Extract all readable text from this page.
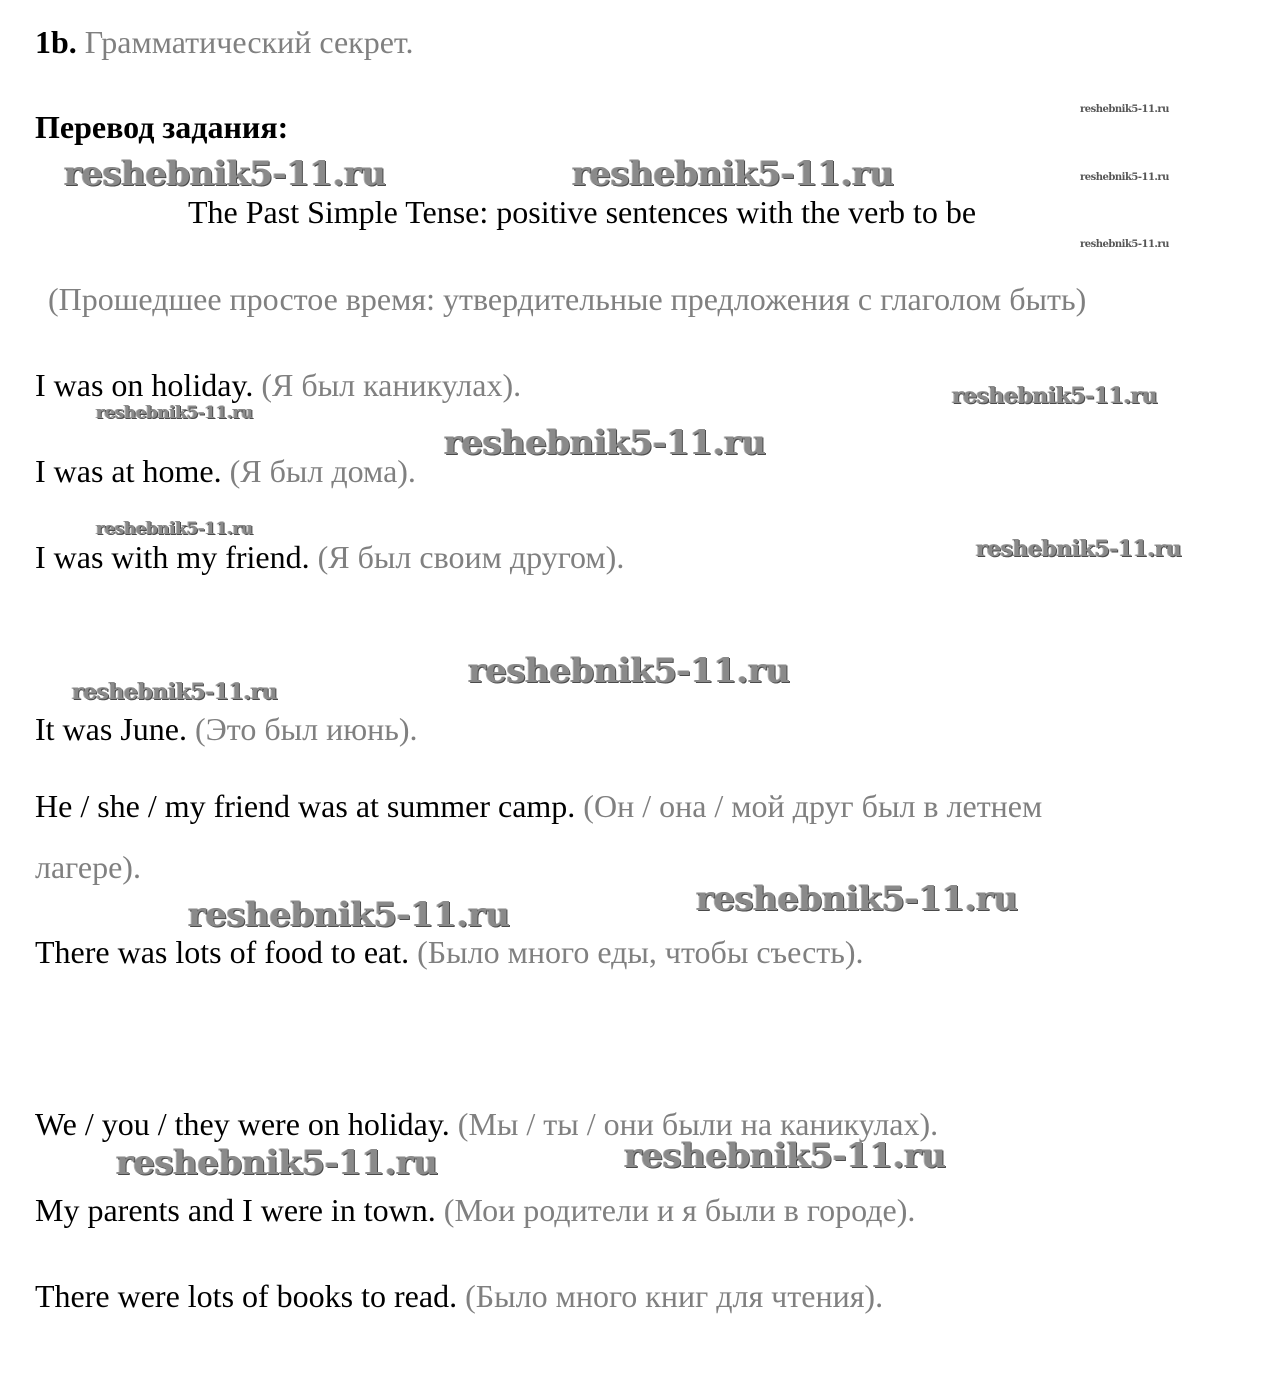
1b. Грамматический секрет.
Перевод задания:
The Past Simple Tense: positive sentences with the verb to be
(Прошедшее простое время: утвердительные предложения с глаголом быть)
I was on holiday. (Я был каникулах).
I was at home. (Я был дома).
I was with my friend. (Я был своим другом).
It was June. (Это был июнь).
He / she / my friend was at summer camp. (Он / она / мой друг был в летнем
лагере).
There was lots of food to eat. (Было много еды, чтобы съесть).
We / you / they were on holiday. (Мы / ты / они были на каникулах).
My parents and I were in town. (Мои родители и я были в городе).
There were lots of books to read. (Было много книг для чтения).
reshebnik5-11.ru
reshebnik5-11.ru
reshebnik5-11.ru
reshebnik5-11.ru	reshebnik5-11.ru
reshebnik5-11.ru
reshebnik5-11.ru
reshebnik5-11.ru
reshebnik5-11.ru
reshebnik5-11.ru
reshebnik5-11.ru
reshebnik5-11.ru
reshebnik5-11.ru
reshebnik5-11.ru
reshebnik5-11.ru
reshebnik5-11.ru
